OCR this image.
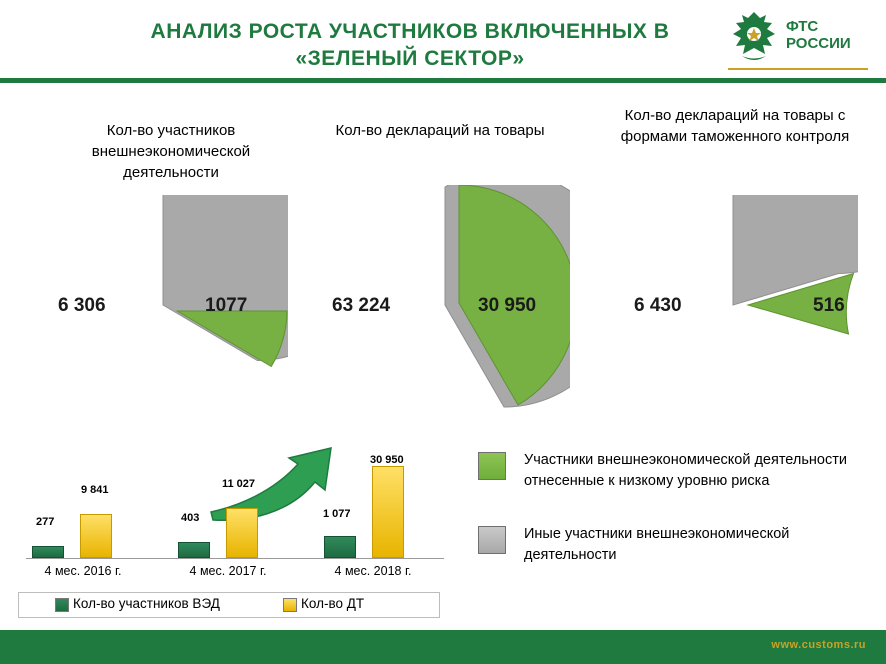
АНАЛИЗ РОСТА УЧАСТНИКОВ ВКЛЮЧЕННЫХ В
«ЗЕЛЕНЫЙ СЕКТОР»
ФТС
РОССИИ
Кол-во участников внешнеэкономической деятельности
Кол-во деклараций на товары
Кол-во деклараций на товары с формами таможенного контроля
6 306	1077	63 224	30 950	6 430	516
277
9 841
4 мес. 2016 г.
403
11 027
4 мес. 2017 г.
1 077
30 950
4 мес. 2018 г.
Кол-во участников ВЭД	Кол-во ДТ
Участники внешнеэкономической деятельности отнесенные к низкому уровню риска
Иные участники внешнеэкономической деятельности
www.customs.ru
